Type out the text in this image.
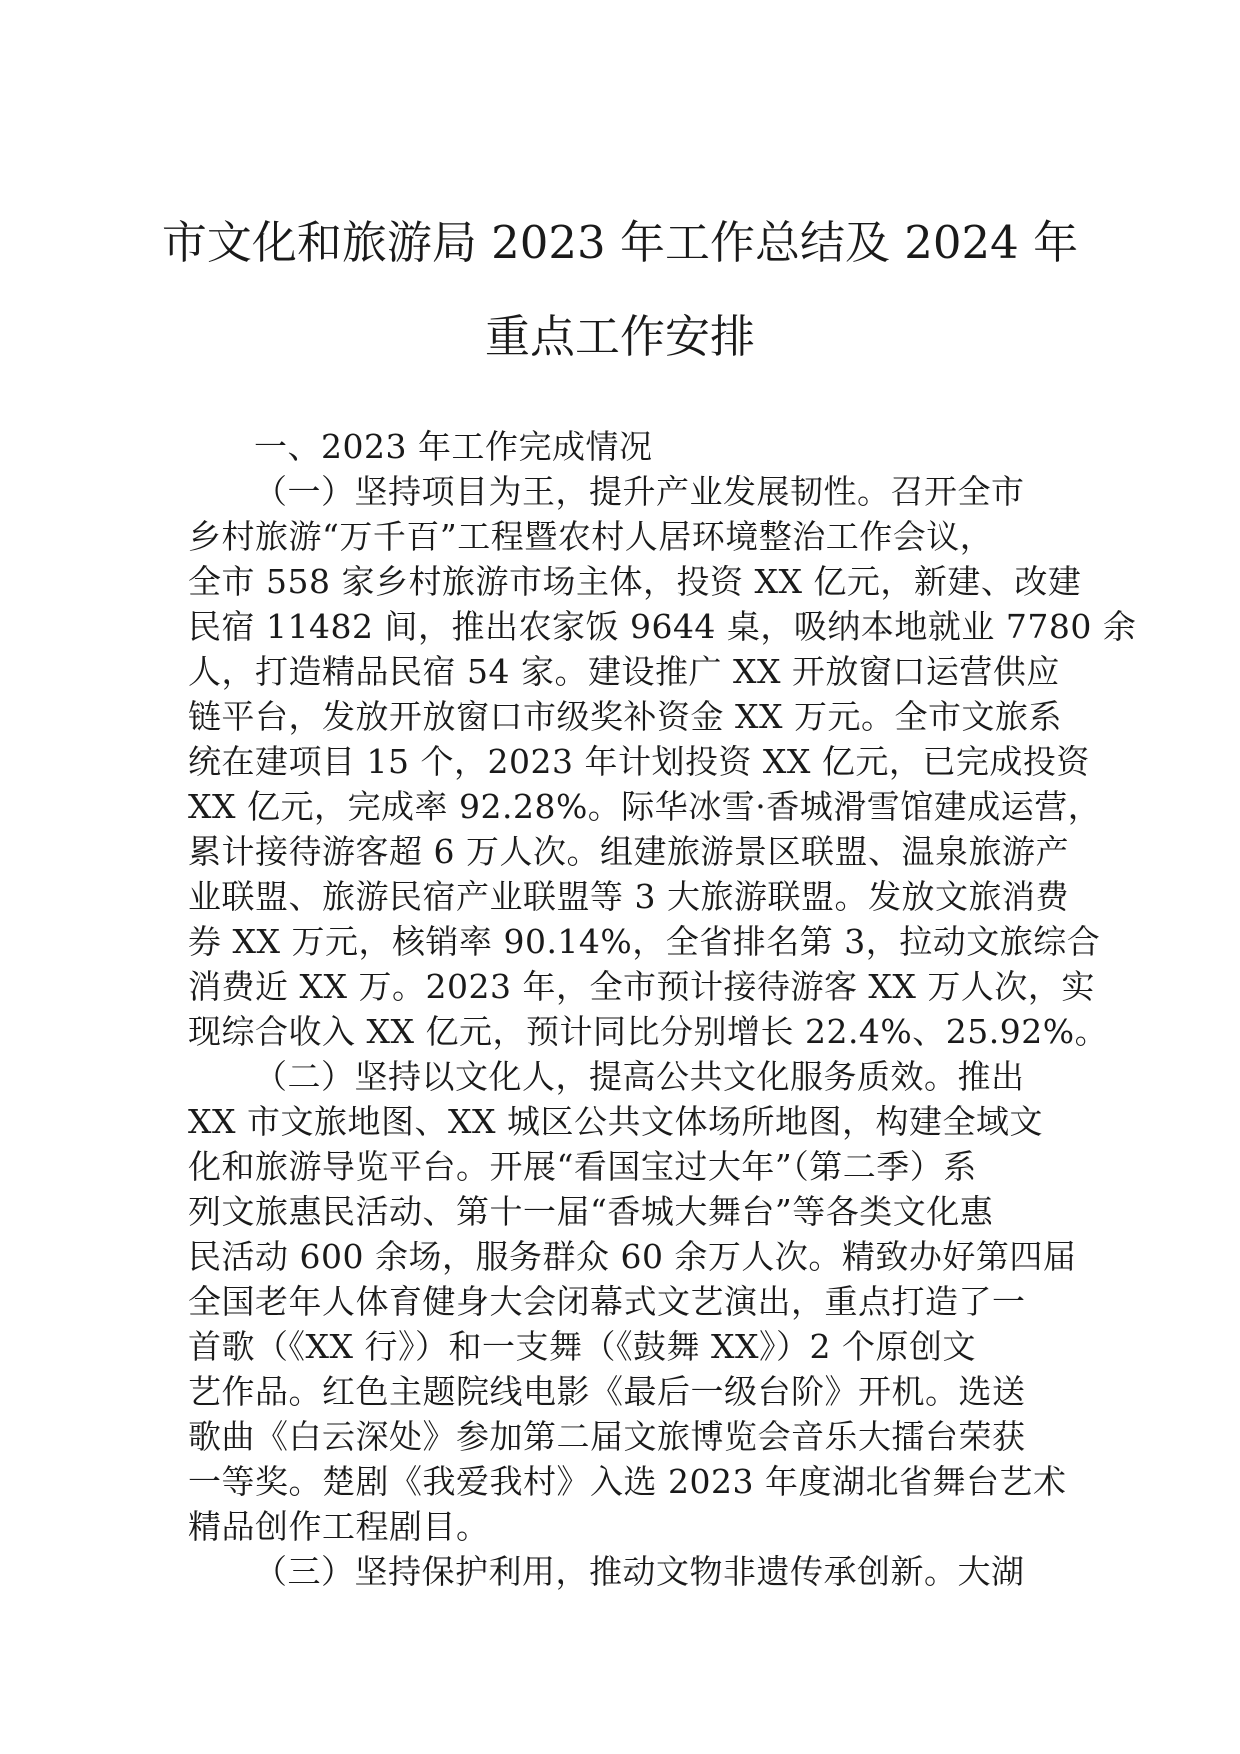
市文化和旅游局 2023 年工作总结及 2024 年
重点工作安排
一、2023 年工作完成情况
（一）坚持项目为王，提升产业发展韧性。召开全市
乡村旅游“万千百”工程暨农村人居环境整治工作会议，
全市 558 家乡村旅游市场主体，投资 XX 亿元，新建、改建
民宿 11482 间，推出农家饭 9644 桌，吸纳本地就业 7780 余
人，打造精品民宿 54 家。建设推广 XX 开放窗口运营供应
链平台，发放开放窗口市级奖补资金 XX 万元。全市文旅系
统在建项目 15 个，2023 年计划投资 XX 亿元，已完成投资
XX 亿元，完成率 92.28%。际华冰雪·香城滑雪馆建成运营，
累计接待游客超 6 万人次。组建旅游景区联盟、温泉旅游产
业联盟、旅游民宿产业联盟等 3 大旅游联盟。发放文旅消费
券 XX 万元，核销率 90.14%，全省排名第 3，拉动文旅综合
消费近 XX 万。2023 年，全市预计接待游客 XX 万人次，实
现综合收入 XX 亿元，预计同比分别增长 22.4%、25.92%。
（二）坚持以文化人，提高公共文化服务质效。推出
XX 市文旅地图、XX 城区公共文体场所地图，构建全域文
化和旅游导览平台。开展“看国宝过大年”（第二季）系
列文旅惠民活动、第十一届“香城大舞台”等各类文化惠
民活动 600 余场，服务群众 60 余万人次。精致办好第四届
全国老年人体育健身大会闭幕式文艺演出，重点打造了一
首歌（《XX 行》）和一支舞（《鼓舞 XX》）2 个原创文
艺作品。红色主题院线电影《最后一级台阶》开机。选送
歌曲《白云深处》参加第二届文旅博览会音乐大擂台荣获
一等奖。楚剧《我爱我村》入选 2023 年度湖北省舞台艺术
精品创作工程剧目。
（三）坚持保护利用，推动文物非遗传承创新。大湖
